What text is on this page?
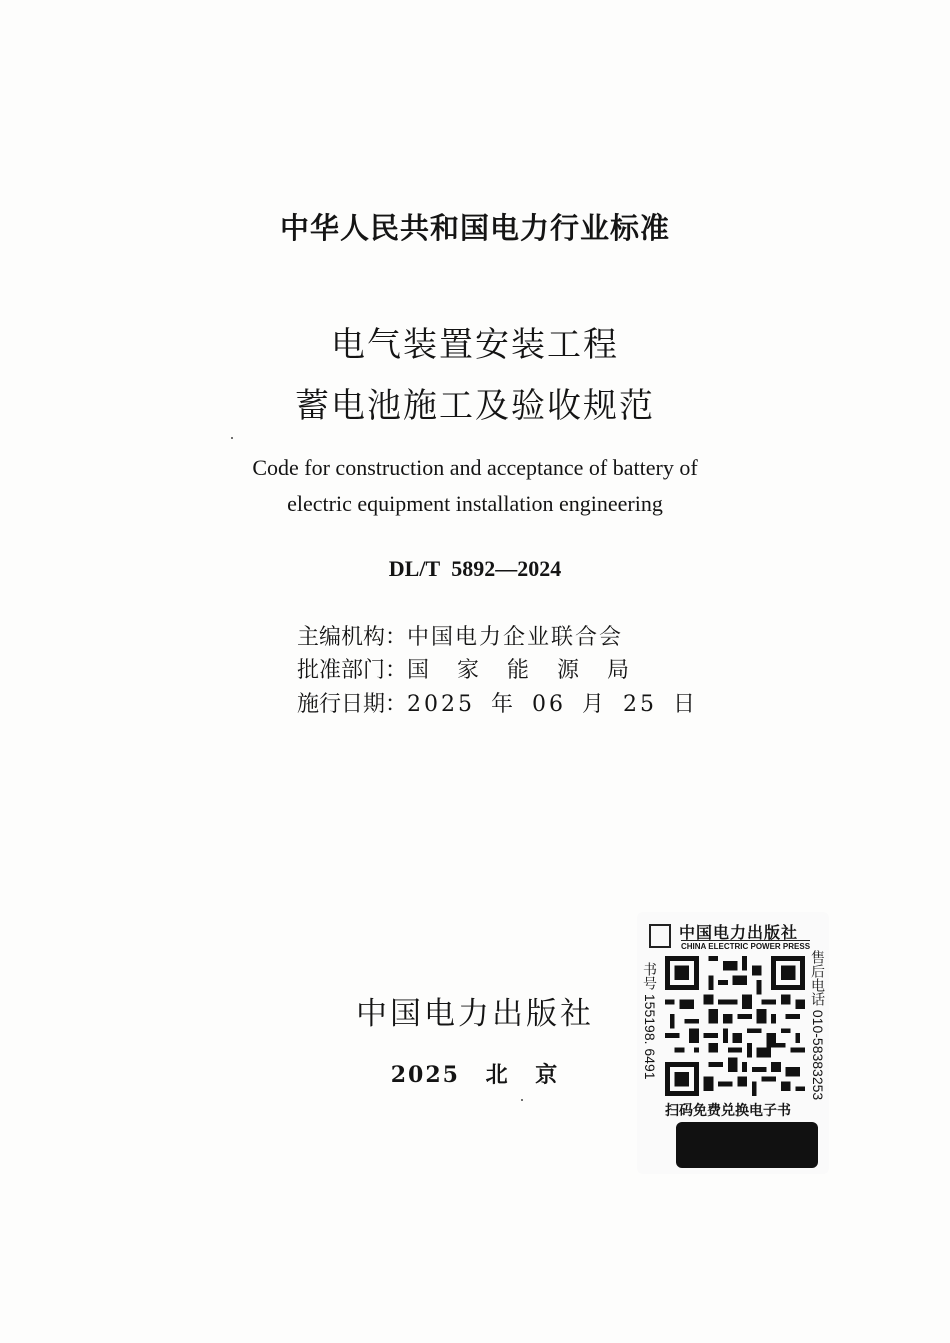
中华人民共和国电力行业标准
电气装置安装工程
蓄电池施工及验收规范
Code for construction and acceptance of battery of
electric equipment installation engineering
DL/T 5892—2024
主编机构：中国电力企业联合会
批准部门：国家能源局
施行日期：2025 年 06 月 25 日
中国电力出版社
2025 北 京
中国电力出版社
CHINA ELECTRIC POWER PRESS
书号 155198. 6491	售后电话 010-58383253
扫码免费兑换电子书
